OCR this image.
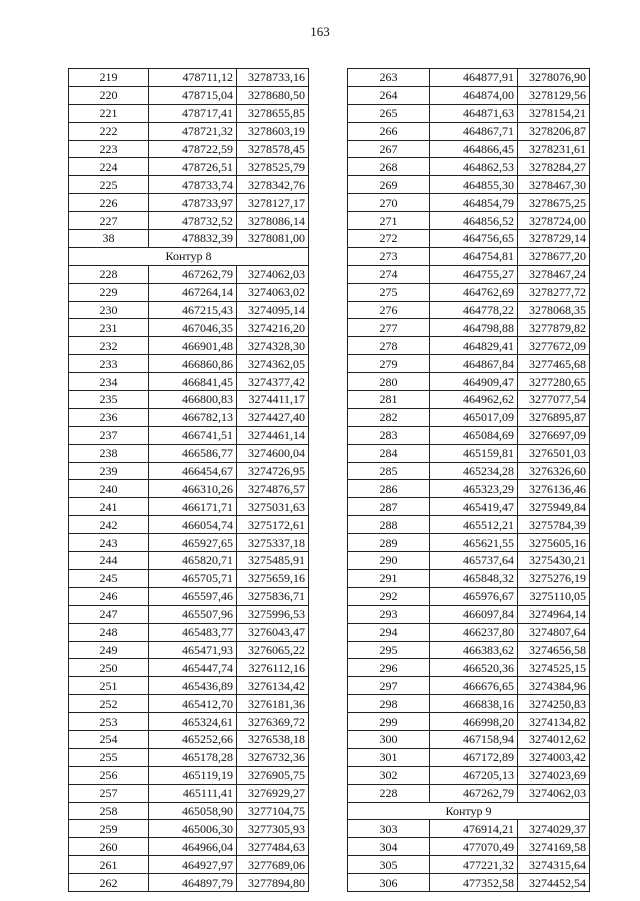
163
219	478711,12	3278733,16
220	478715,04	3278680,50
221	478717,41	3278655,85
222	478721,32	3278603,19
223	478722,59	3278578,45
224	478726,51	3278525,79
225	478733,74	3278342,76
226	478733,97	3278127,17
227	478732,52	3278086,14
38	478832,39	3278081,00
Контур 8		
228	467262,79	3274062,03
229	467264,14	3274063,02
230	467215,43	3274095,14
231	467046,35	3274216,20
232	466901,48	3274328,30
233	466860,86	3274362,05
234	466841,45	3274377,42
235	466800,83	3274411,17
236	466782,13	3274427,40
237	466741,51	3274461,14
238	466586,77	3274600,04
239	466454,67	3274726,95
240	466310,26	3274876,57
241	466171,71	3275031,63
242	466054,74	3275172,61
243	465927,65	3275337,18
244	465820,71	3275485,91
245	465705,71	3275659,16
246	465597,46	3275836,71
247	465507,96	3275996,53
248	465483,77	3276043,47
249	465471,93	3276065,22
250	465447,74	3276112,16
251	465436,89	3276134,42
252	465412,70	3276181,36
253	465324,61	3276369,72
254	465252,66	3276538,18
255	465178,28	3276732,36
256	465119,19	3276905,75
257	465111,41	3276929,27
258	465058,90	3277104,75
259	465006,30	3277305,93
260	464966,04	3277484,63
261	464927,97	3277689,06
262	464897,79	3277894,80
263	464877,91	3278076,90
264	464874,00	3278129,56
265	464871,63	3278154,21
266	464867,71	3278206,87
267	464866,45	3278231,61
268	464862,53	3278284,27
269	464855,30	3278467,30
270	464854,79	3278675,25
271	464856,52	3278724,00
272	464756,65	3278729,14
273	464754,81	3278677,20
274	464755,27	3278467,24
275	464762,69	3278277,72
276	464778,22	3278068,35
277	464798,88	3277879,82
278	464829,41	3277672,09
279	464867,84	3277465,68
280	464909,47	3277280,65
281	464962,62	3277077,54
282	465017,09	3276895,87
283	465084,69	3276697,09
284	465159,81	3276501,03
285	465234,28	3276326,60
286	465323,29	3276136,46
287	465419,47	3275949,84
288	465512,21	3275784,39
289	465621,55	3275605,16
290	465737,64	3275430,21
291	465848,32	3275276,19
292	465976,67	3275110,05
293	466097,84	3274964,14
294	466237,80	3274807,64
295	466383,62	3274656,58
296	466520,36	3274525,15
297	466676,65	3274384,96
298	466838,16	3274250,83
299	466998,20	3274134,82
300	467158,94	3274012,62
301	467172,89	3274003,42
302	467205,13	3274023,69
228	467262,79	3274062,03
Контур 9		
303	476914,21	3274029,37
304	477070,49	3274169,58
305	477221,32	3274315,64
306	477352,58	3274452,54
